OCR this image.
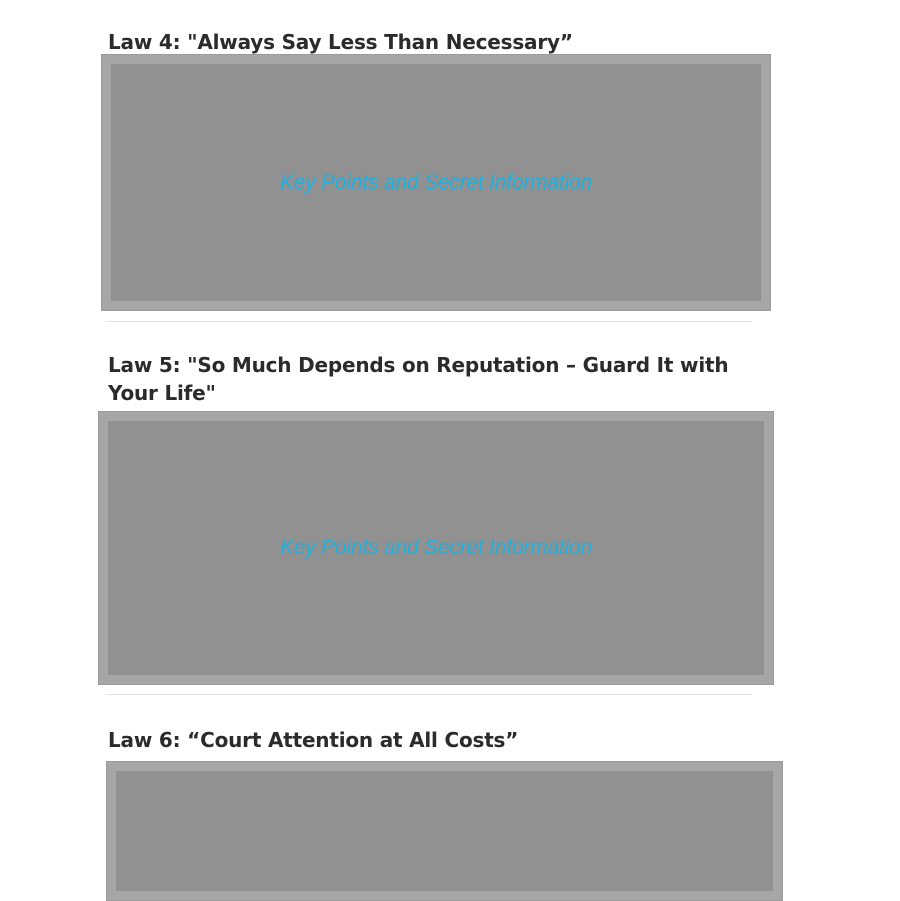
Law 4: "Always Say Less Than Necessary”
Key Points and Secret Information
Law 5: "So Much Depends on Reputation – Guard It with Your Life"
Key Points and Secret Information
Law 6: “Court Attention at All Costs”
